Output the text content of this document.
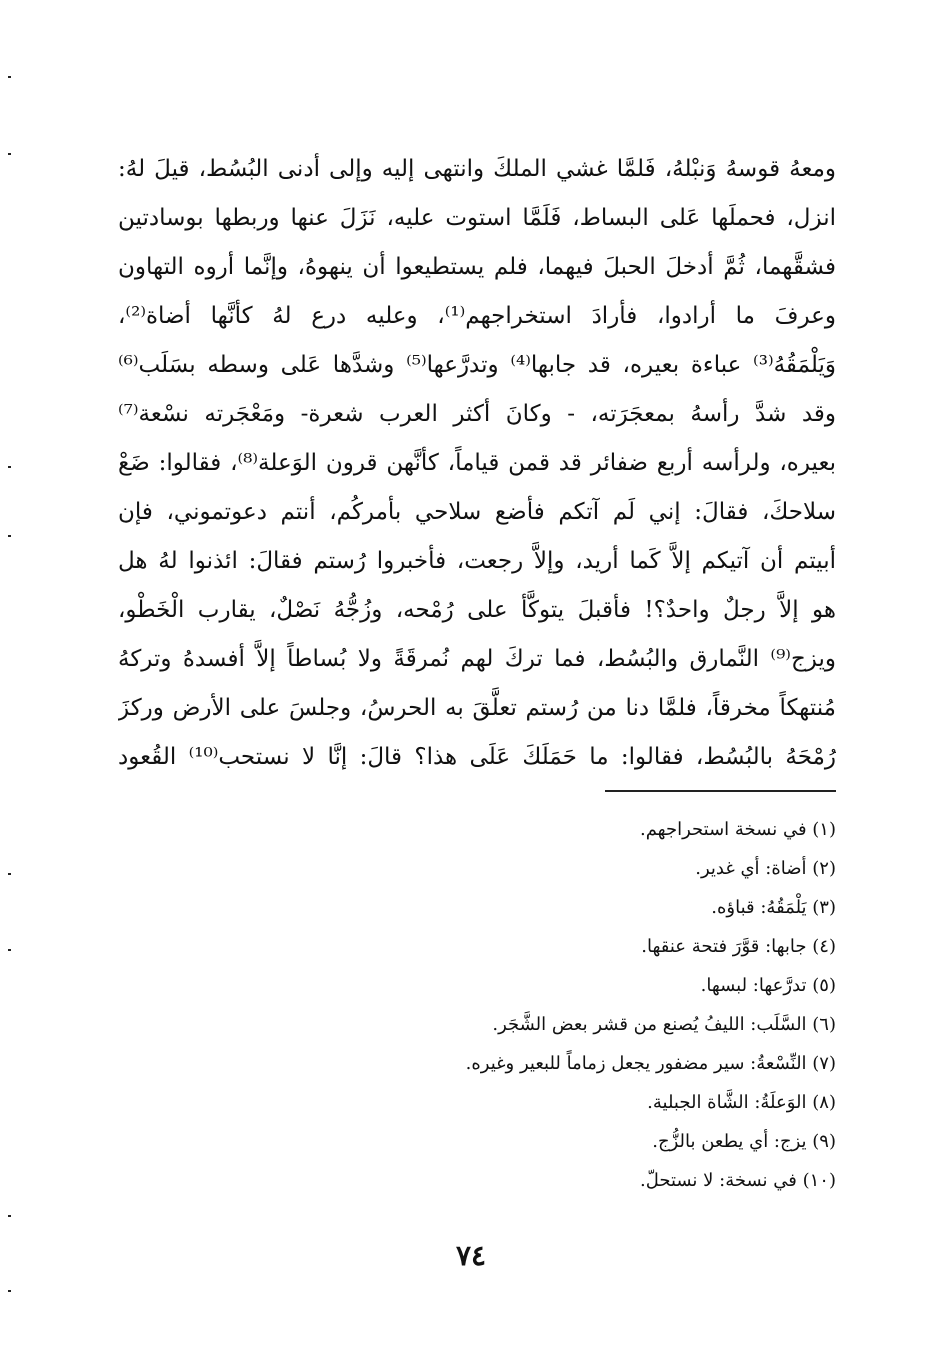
ومعهُ قوسهُ وَنبْلهُ، فَلمَّا غشي الملكَ وانتهى إليه وإلى أدنى البُسُط، قيلَ لهُ:
انزل، فحملَها عَلى البساط، فَلَمَّا استوت عليه، نَزَلَ عنها وربطها بوسادتين
فشقَّهما، ثُمَّ أدخلَ الحبلَ فيهما، فلم يستطيعوا أن ينهوهُ، وإنَّما أروه التهاون
وعرفَ ما أرادوا، فأرادَ استخراجهم⁽¹⁾، وعليه درع لهُ كأنَّها أضاة⁽²⁾،
وَيَلْمَقُهُ⁽³⁾ عباءة بعيره، قد جابها⁽⁴⁾ وتدرَّعها⁽⁵⁾ وشدَّها عَلى وسطه بسَلَب⁽⁶⁾
وقد شدَّ رأسهُ بمعجَرَته، - وكانَ أكثر العرب شعرة- ومَعْجَرته نسْعة⁽⁷⁾
بعيره، ولرأسه أربع ضفائر قد قمن قياماً، كأنَّهن قرون الوَعلة⁽⁸⁾، فقالوا: ضَعْ
سلاحكَ، فقالَ: إني لَم آتكم فأضع سلاحي بأمركُم، أنتم دعوتموني، فإن
أبيتم أن آتيكم إلاَّ كَما أريد، وإلاَّ رجعت، فأخبروا رُستم فقالَ: ائذنوا لهُ هل
هو إلاَّ رجلٌ واحدٌ؟! فأقبلَ يتوكَّأ على رُمْحه، وزُجُّهُ نَصْلٌ، يقارب الْخَطْو،
ويزج⁽⁹⁾ النَّمارق والبُسُط، فما تركَ لهم نُمرقَةً ولا بُساطاً إلاَّ أفسدهُ وتركهُ
مُنتهكاً مخرقاً، فلمَّا دنا من رُستم تعلَّقَ به الحرسُ، وجلسَ على الأرض وركزَ
رُمْحَهُ بالبُسُط، فقالوا: ما حَمَلَكَ عَلَى هذا؟ قالَ: إنَّا لا نستحب⁽¹⁰⁾ القُعود
(١) في نسخة استحراجهم.
(٢) أضاة: أي غدير.
(٣) يَلْمَقُهُ: قباؤه.
(٤) جابها: قوَّرَ فتحة عنقها.
(٥) تدرَّعها: لبسها.
(٦) السَّلَب: الليفُ يُصنع من قشر بعض الشَّجَر.
(٧) النِّسْعةُ: سير مضفور يجعل زماماً للبعير وغيره.
(٨) الوَعلَةُ: الشَّاة الجبلية.
(٩) يزج: أي يطعن بالزُّج.
(١٠) في نسخة: لا نستحلّ.
٧٤
